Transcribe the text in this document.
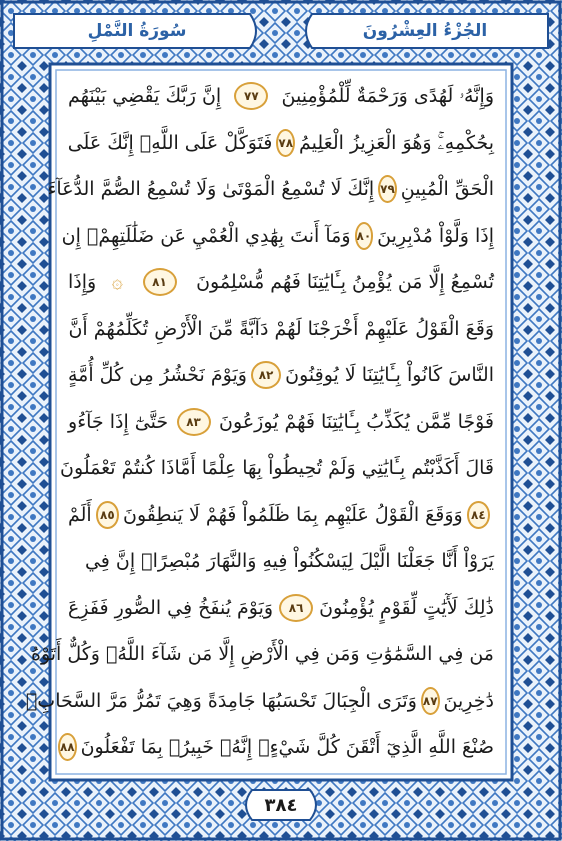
الجُزْءُ العِشْرُونَ
سُورَةُ النَّمْلِ
وَإِنَّهُۥ لَهُدًى وَرَحْمَةٌ لِّلْمُؤْمِنِينَ
٧٧
إِنَّ رَبَّكَ يَقْضِي بَيْنَهُم
بِحُكْمِهِۦۚ وَهُوَ الْعَزِيزُ الْعَلِيمُ
٧٨
فَتَوَكَّلْ عَلَى اللَّهِۖ إِنَّكَ عَلَى
الْحَقِّ الْمُبِينِ
٧٩
إِنَّكَ لَا تُسْمِعُ الْمَوْتَىٰ وَلَا تُسْمِعُ الصُّمَّ الدُّعَآءَ
إِذَا وَلَّوْاْ مُدْبِرِينَ
٨٠
وَمَآ أَنتَ بِهَٰدِي الْعُمْيِ عَن ضَلَٰلَتِهِمْۖ إِن
تُسْمِعُ إِلَّا مَن يُؤْمِنُ بِـَٔايَٰتِنَا فَهُم مُّسْلِمُونَ
٨١
۞
وَإِذَا
وَقَعَ الْقَوْلُ عَلَيْهِمْ أَخْرَجْنَا لَهُمْ دَآبَّةً مِّنَ الْأَرْضِ تُكَلِّمُهُمْ أَنَّ
النَّاسَ كَانُواْ بِـَٔايَٰتِنَا لَا يُوقِنُونَ
٨٢
وَيَوْمَ نَحْشُرُ مِن كُلِّ أُمَّةٍ
فَوْجًا مِّمَّن يُكَذِّبُ بِـَٔايَٰتِنَا فَهُمْ يُوزَعُونَ
٨٣
حَتَّىٰٓ إِذَا جَآءُو
قَالَ أَكَذَّبْتُم بِـَٔايَٰتِي وَلَمْ تُحِيطُواْ بِهَا عِلْمًا أَمَّاذَا كُنتُمْ تَعْمَلُونَ
٨٤
وَوَقَعَ الْقَوْلُ عَلَيْهِم بِمَا ظَلَمُواْ فَهُمْ لَا يَنطِقُونَ
٨٥
أَلَمْ
يَرَوْاْ أَنَّا جَعَلْنَا الَّيْلَ لِيَسْكُنُواْ فِيهِ وَالنَّهَارَ مُبْصِرًاۚ إِنَّ فِي
ذَٰلِكَ لَأٓيَٰتٍ لِّقَوْمٍ يُؤْمِنُونَ
٨٦
وَيَوْمَ يُنفَخُ فِي الصُّورِ فَفَزِعَ
مَن فِي السَّمَٰوَٰتِ وَمَن فِي الْأَرْضِ إِلَّا مَن شَآءَ اللَّهُۚ وَكُلٌّ أَتَوْهُ
دَٰخِرِينَ
٨٧
وَتَرَى الْجِبَالَ تَحْسَبُهَا جَامِدَةً وَهِيَ تَمُرُّ مَرَّ السَّحَابِۚ
صُنْعَ اللَّهِ الَّذِيٓ أَتْقَنَ كُلَّ شَيْءٍۚ إِنَّهُۥ خَبِيرُۢ بِمَا تَفْعَلُونَ
٨٨
٣٨٤
